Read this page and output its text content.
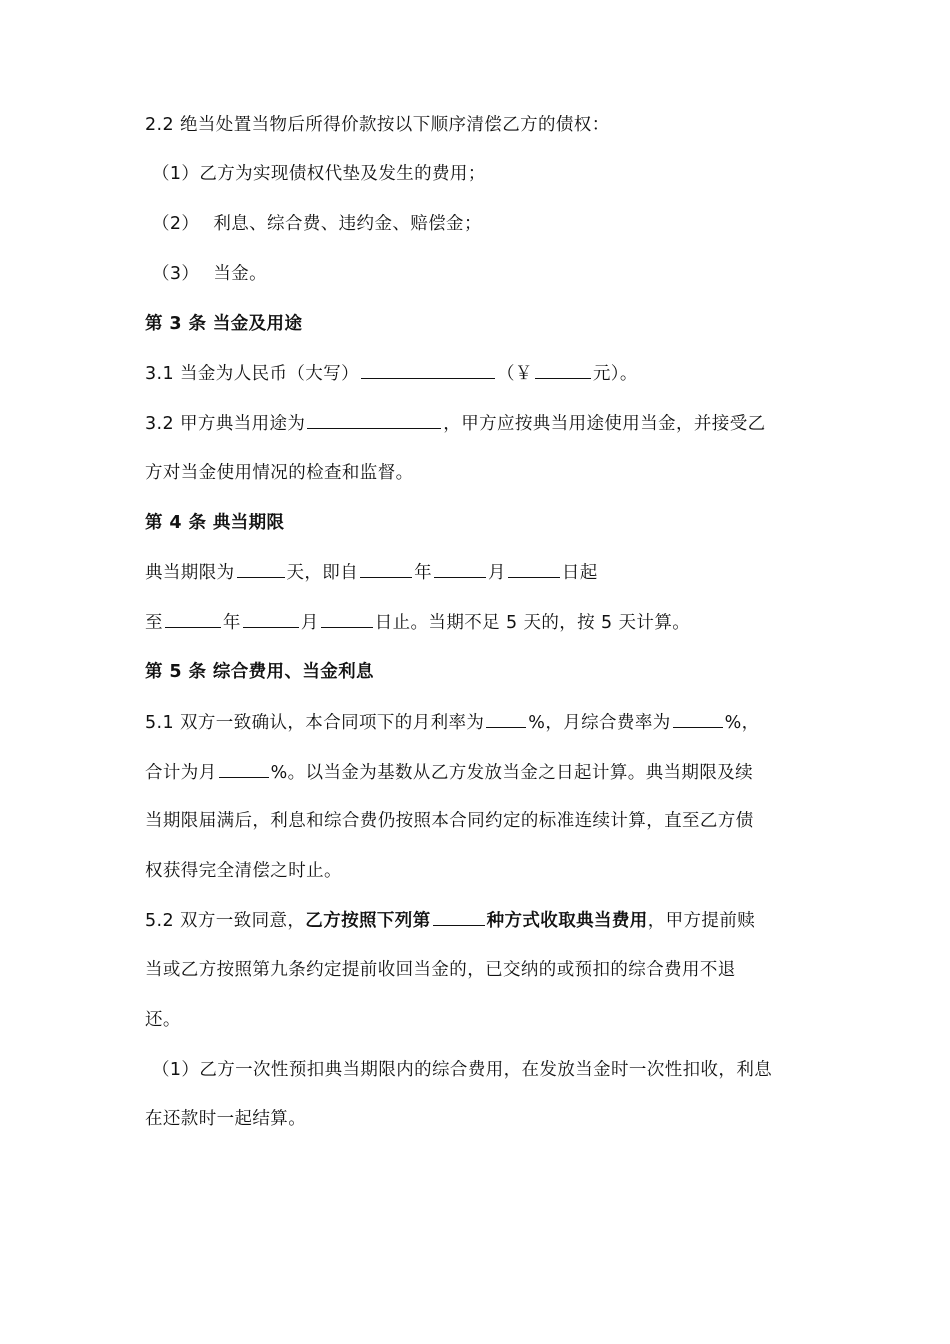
2.2 绝当处置当物后所得价款按以下顺序清偿乙方的债权：
（1）乙方为实现债权代垫及发生的费用；
（2） 利息、综合费、违约金、赔偿金；
（3） 当金。
第 3 条 当金及用途
3.1 当金为人民币（大写）	（￥	元）。
3.2 甲方典当用途为	，甲方应按典当用途使用当金，并接受乙
方对当金使用情况的检查和监督。
第 4 条 典当期限
典当期限为	天，即自	年	月	日起
至	年	月	日止。当期不足 5 天的，按 5 天计算。
第 5 条 综合费用、当金利息
5.1 双方一致确认，本合同项下的月利率为	%，月综合费率为	%，
合计为月	%。以当金为基数从乙方发放当金之日起计算。典当期限及续
当期限届满后，利息和综合费仍按照本合同约定的标准连续计算，直至乙方债
权获得完全清偿之时止。
5.2 双方一致同意，乙方按照下列第	种方式收取典当费用，甲方提前赎
当或乙方按照第九条约定提前收回当金的，已交纳的或预扣的综合费用不退
还。
（1）乙方一次性预扣典当期限内的综合费用，在发放当金时一次性扣收，利息
在还款时一起结算。
